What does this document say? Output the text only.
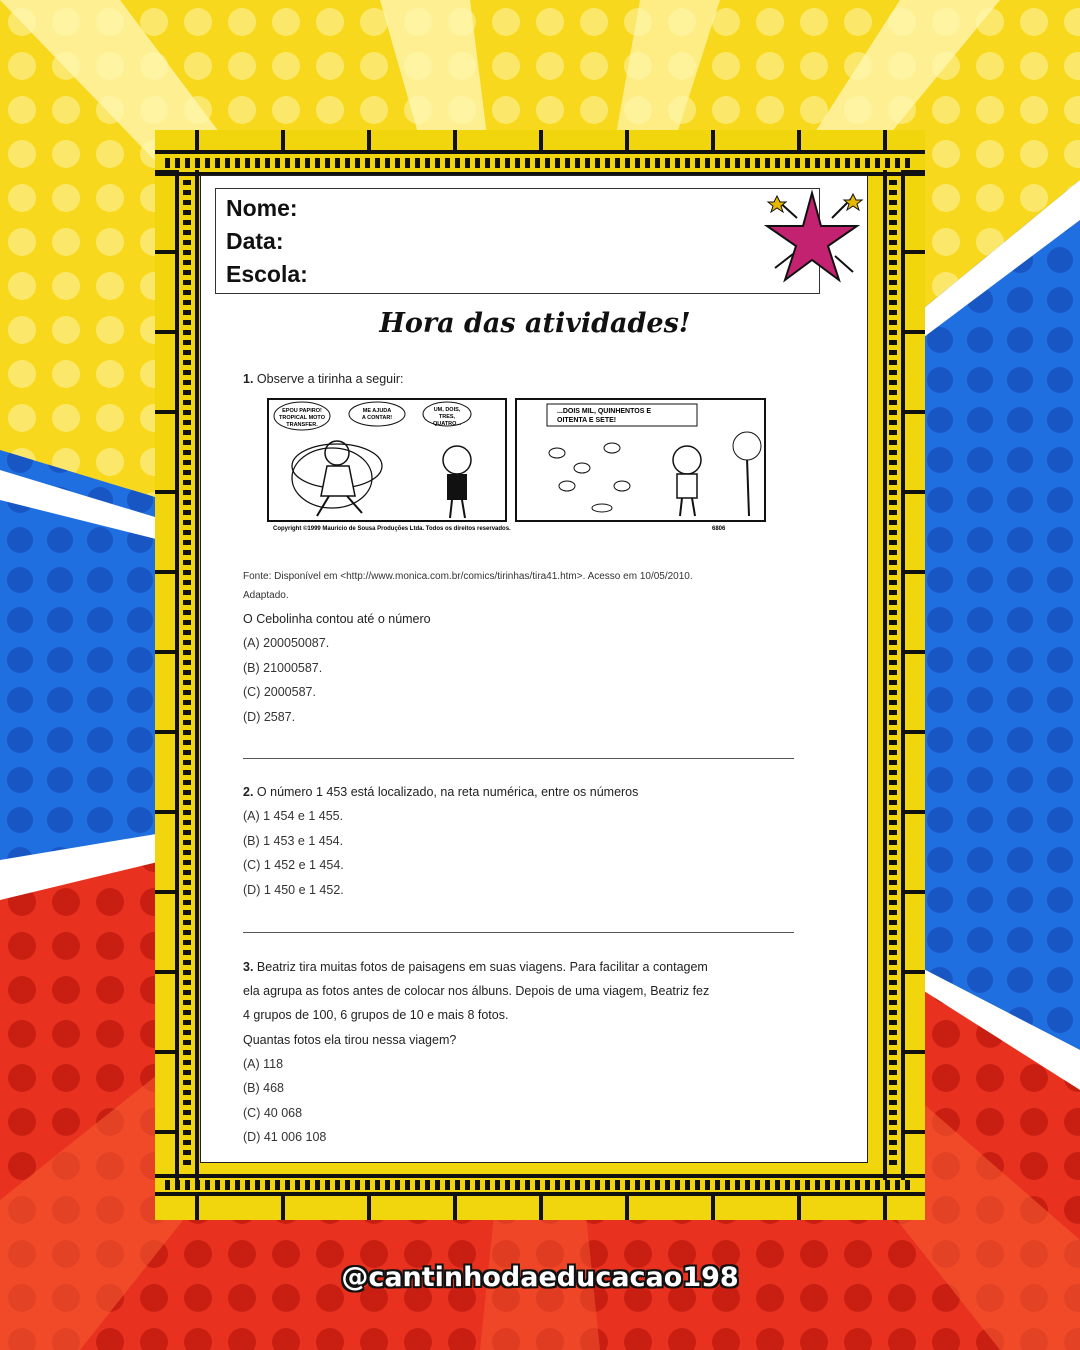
Nome:
Data:
Escola:
Hora das atividades!
1. Observe a tirinha a seguir:
EPOU PAPIRO!
TROPICAL MOTO
TRANSFER.
ME AJUDA
A CONTAR!
UM, DOIS,
TRES,
QUATRO...
...DOIS MIL, QUINHENTOS E
OITENTA E SETE!
Copyright ©1999 Mauricio de Sousa Produções Ltda. Todos os direitos reservados.	6806
Fonte: Disponível em <http://www.monica.com.br/comics/tirinhas/tira41.htm>. Acesso em 10/05/2010.
Adaptado.
O Cebolinha contou até o número
(A) 200050087.
(B) 21000587.
(C) 2000587.
(D) 2587.
2. O número 1 453 está localizado, na reta numérica, entre os números
(A) 1 454 e 1 455.
(B) 1 453 e 1 454.
(C) 1 452 e 1 454.
(D) 1 450 e 1 452.
3. Beatriz tira muitas fotos de paisagens em suas viagens. Para facilitar a contagem
ela agrupa as fotos antes de colocar nos álbuns. Depois de uma viagem, Beatriz fez
4 grupos de 100, 6 grupos de 10 e mais 8 fotos.
Quantas fotos ela tirou nessa viagem?
(A) 118
(B) 468
(C) 40 068
(D) 41 006 108
@cantinhodaeducacao198
